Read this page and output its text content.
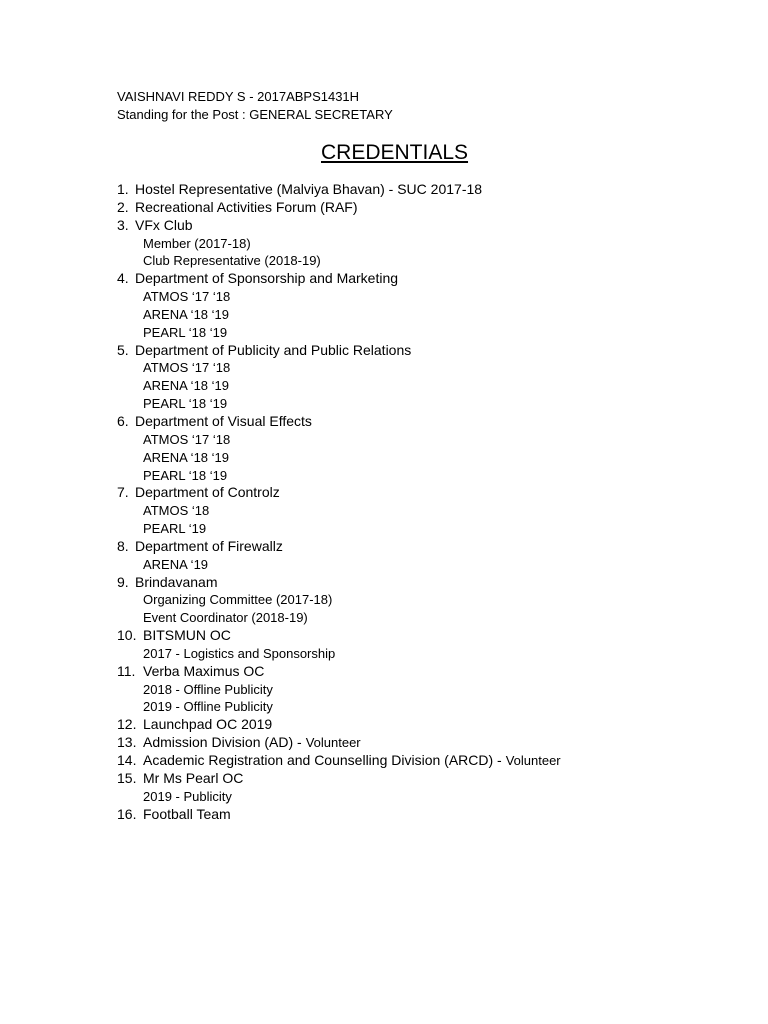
VAISHNAVI REDDY S - 2017ABPS1431H
Standing for the Post : GENERAL SECRETARY
CREDENTIALS
1. Hostel Representative (Malviya Bhavan) - SUC 2017-18
2. Recreational Activities Forum (RAF)
3. VFx Club
Member (2017-18)
Club Representative (2018-19)
4. Department of Sponsorship and Marketing
ATMOS ‘17 ‘18
ARENA ‘18 ‘19
PEARL ‘18 ‘19
5. Department of Publicity and Public Relations
ATMOS ‘17 ‘18
ARENA ‘18 ‘19
PEARL ‘18 ‘19
6. Department of Visual Effects
ATMOS ‘17 ‘18
ARENA ‘18 ‘19
PEARL ‘18 ‘19
7. Department of Controlz
ATMOS ‘18
PEARL ‘19
8. Department of Firewallz
ARENA ‘19
9. Brindavanam
Organizing Committee (2017-18)
Event Coordinator (2018-19)
10. BITSMUN OC
2017 - Logistics and Sponsorship
11. Verba Maximus OC
2018 - Offline Publicity
2019 - Offline Publicity
12. Launchpad OC 2019
13. Admission Division (AD) - Volunteer
14. Academic Registration and Counselling Division (ARCD) - Volunteer
15. Mr Ms Pearl OC
2019 - Publicity
16. Football Team
